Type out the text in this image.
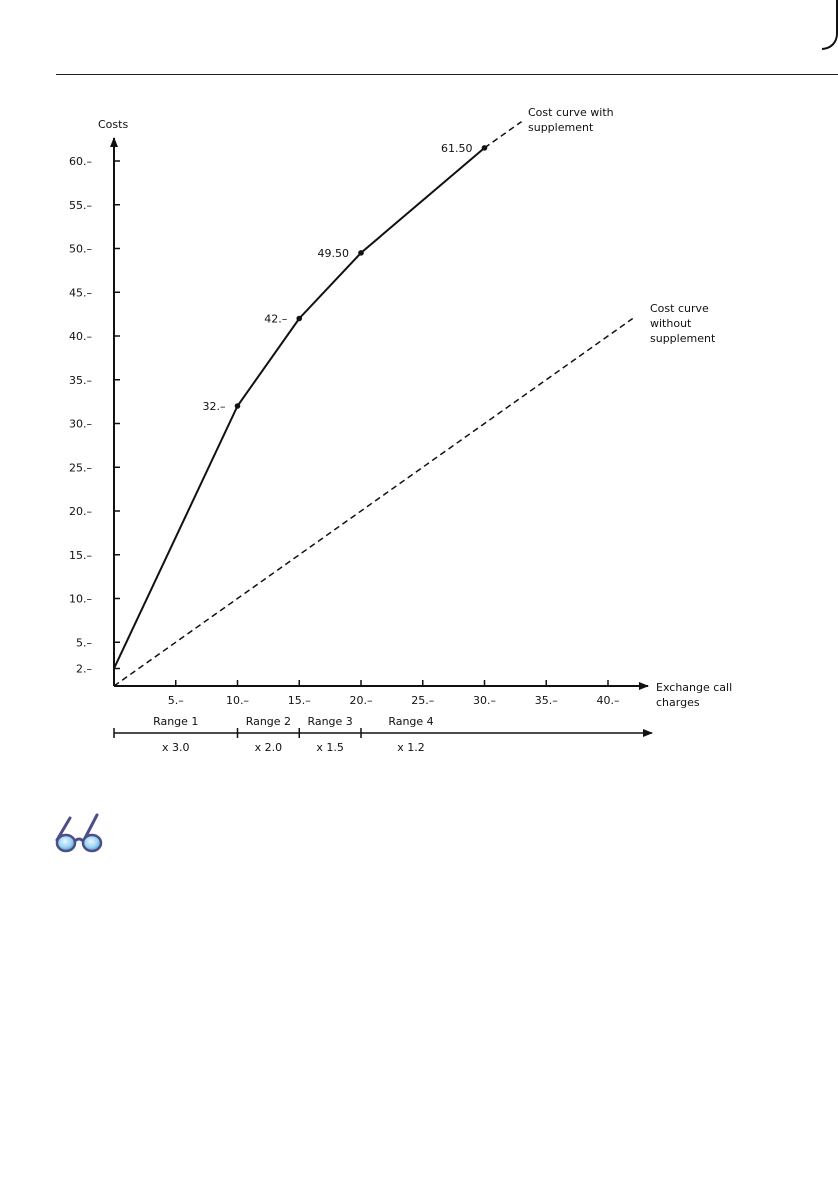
2.–
5.–
10.–
15.–
20.–
25.–
30.–
35.–
40.–
45.–
50.–
55.–
60.–
5.–	10.–	15.–	20.–	25.–	30.–	35.–	40.–
Costs
Exchange call
charges
Cost curve with
supplement
Cost curve
without
supplement
32.–
42.–
49.50
61.50
Range 1
x 3.0
Range 2
x 2.0
Range 3
x 1.5
Range 4
x 1.2
